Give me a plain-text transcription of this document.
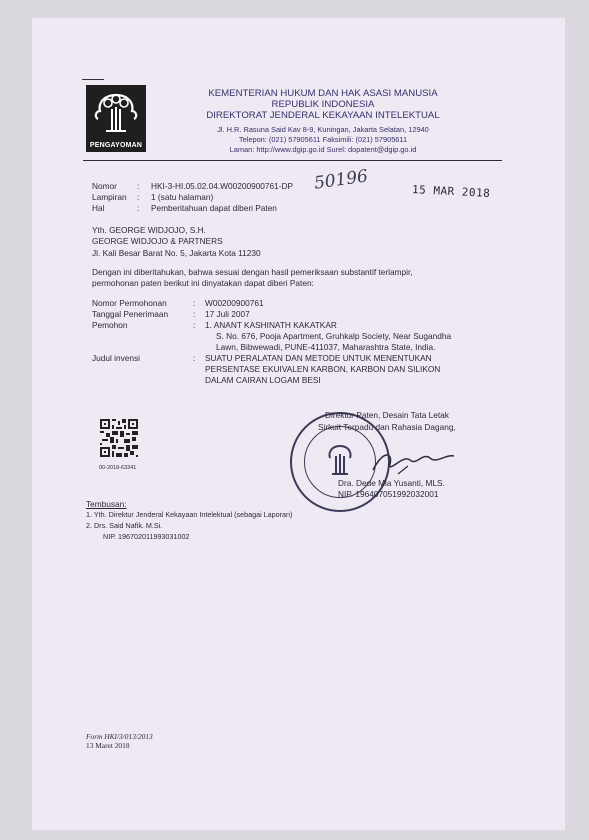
PENGAYOMAN
KEMENTERIAN HUKUM DAN HAK ASASI MANUSIA
REPUBLIK INDONESIA
DIREKTORAT JENDERAL KEKAYAAN INTELEKTUAL
Jl. H.R. Rasuna Said Kav 8-9, Kuningan, Jakarta Selatan, 12940
Telepon: (021) 57905611 Faksimili: (021) 57905611
Laman: http://www.dgip.go.id Surel: dopatent@dgip.go.id
Nomor : HKI-3-HI.05.02.04.W00200900761-DP 50196	15 MAR 2018
Lampiran : 1 (satu halaman)
Hal	: Pemberitahuan dapat diberi Paten
Yth. GEORGE WIDJOJO, S.H.
GEORGE WIDJOJO & PARTNERS
Jl. Kali Besar Barat No. 5, Jakarta Kota 11230
Dengan ini diberitahukan, bahwa sesuai dengan hasil pemeriksaan substantif terlampir,
permohonan paten berikut ini dinyatakan dapat diberi Paten:
Nomor Permohonan	: W00200900761
Tanggal Penerimaan	: 17 Juli 2007
Pemohon	: 1. ANANT KASHINATH KAKATKAR
S. No. 676, Pooja Apartment, Gruhkalp Society, Near Sugandha
Lawn, Bibwewadi, PUNE-411037, Maharashtra State, India.
Judul invensi	: SUATU PERALATAN DAN METODE UNTUK MENENTUKAN
PERSENTASE EKUIVALEN KARBON, KARBON DAN SILIKON
DALAM CAIRAN LOGAM BESI
00-2018-63341
Direktur Paten, Desain Tata Letak
Sirkuit Terpadu dan Rahasia Dagang,
Dra. Dede Mia Yusanti, MLS.
NIP. 196407051992032001
Tembusan:
1. Yth. Direktur Jenderal Kekayaan Intelektual (sebagai Laporan)
2. Drs. Said Nafik. M.Si.
NIP. 196702011993031002
Form HKI/3/013/2013
13 Maret 2018
